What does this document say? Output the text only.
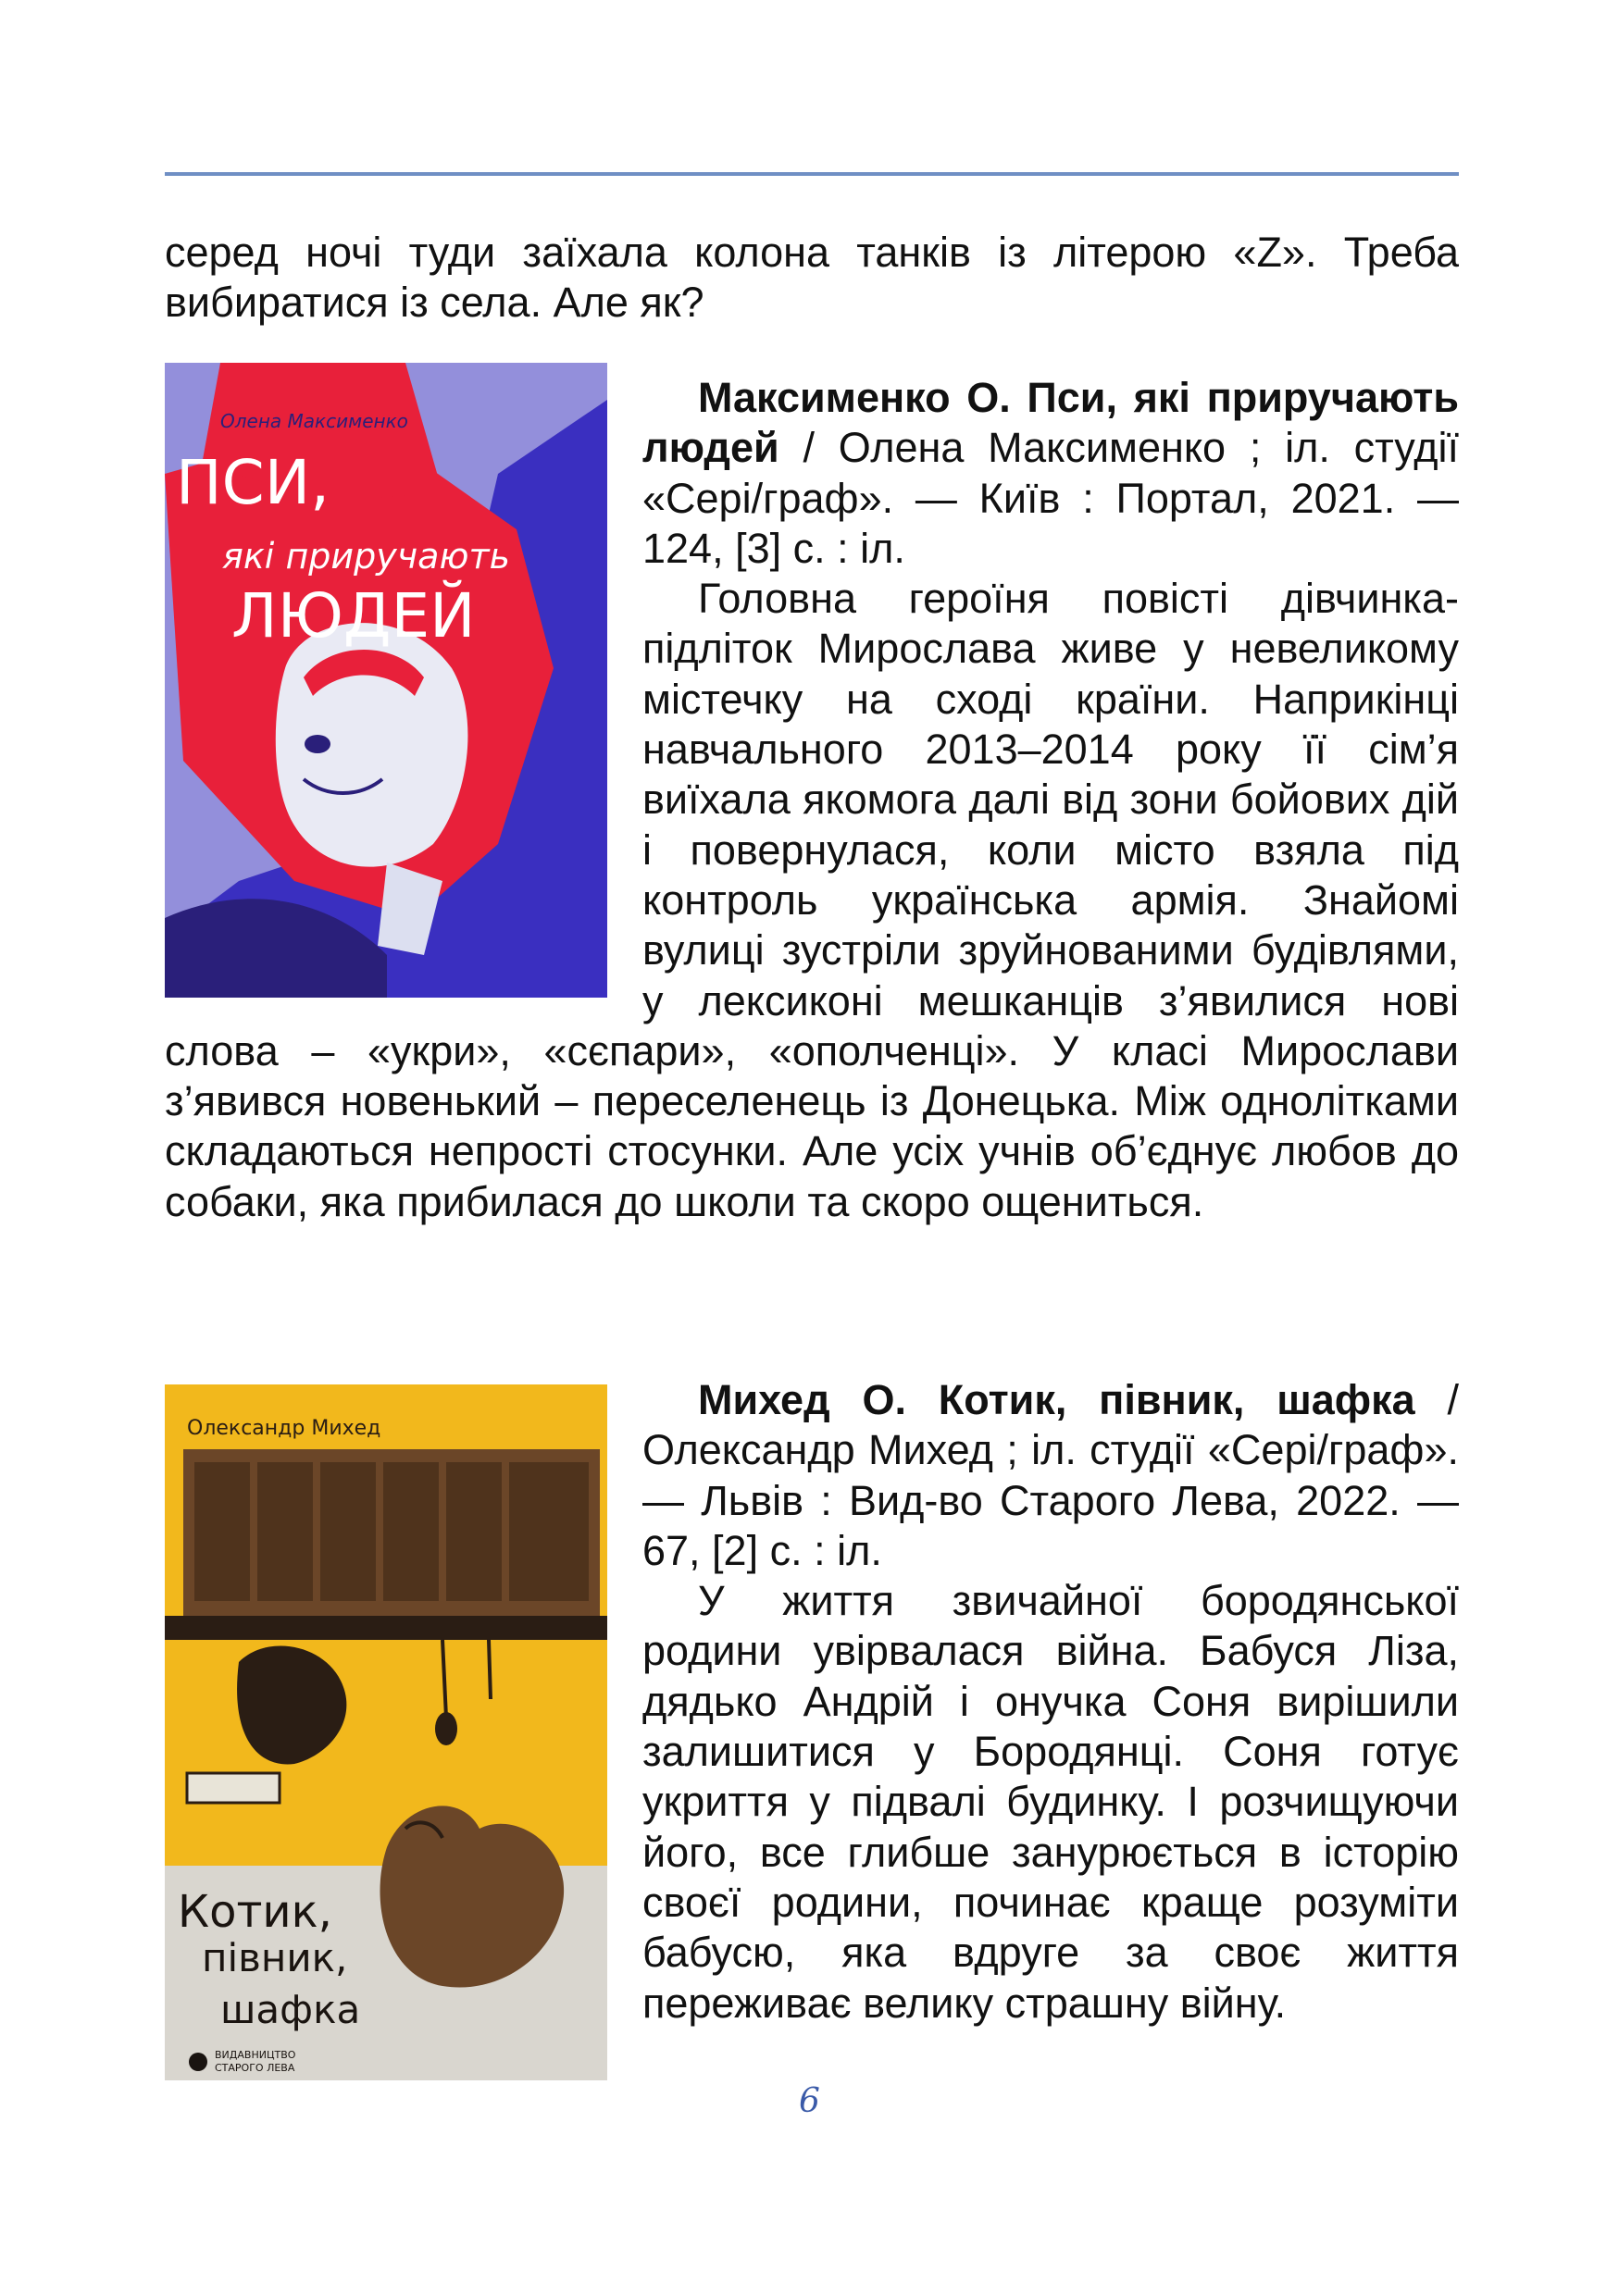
серед ночі туди заїхала колона танків із літерою «Z». Треба вибиратися із села. Але як?

Олена Максименко
ПСИ,
які приручають
ЛЮДЕЙ

Максименко О. Пси, які приручають людей / Олена Максименко ; іл. студії «Серi/граф». — Київ : Портал, 2021. — 124, [3] с. : іл.
Головна героїня повісті дівчинка-підліток Мирослава живе у невеликому містечку на сході країни. Наприкінці навчального 2013–2014 року її сім’я виїхала якомога далі від зони бойових дій і повернулася, коли місто взяла під контроль українська армія. Знайомі вулиці зустріли зруйнованими будівлями, у лексиконі мешканців з’явилися нові слова – «укри», «сєпари», «ополченці». У класі Мирослави з’явився новенький – переселенець із Донецька. Між однолітками складаються непрості стосунки. Але усіх учнів об’єднує любов до собаки, яка прибилася до школи та скоро ощениться.

Олександр Михед
Котик,
півник,
шафка
ВИДАВНИЦТВО
СТАРОГО ЛЕВА

Михед О. Котик, півник, шафка / Олександр Михед ; іл. студії «Серi/граф». — Львів : Вид-во Старого Лева, 2022. — 67, [2] с. : іл.
У життя звичайної бородянської родини увірвалася війна. Бабуся Ліза, дядько Андрій і онучка Соня вирішили залишитися у Бородянці. Соня готує укриття у підвалі будинку. І розчищуючи його, все глибше занурюється в історію своєї родини, починає краще розуміти бабусю, яка вдруге за своє життя переживає велику страшну війну.

6
